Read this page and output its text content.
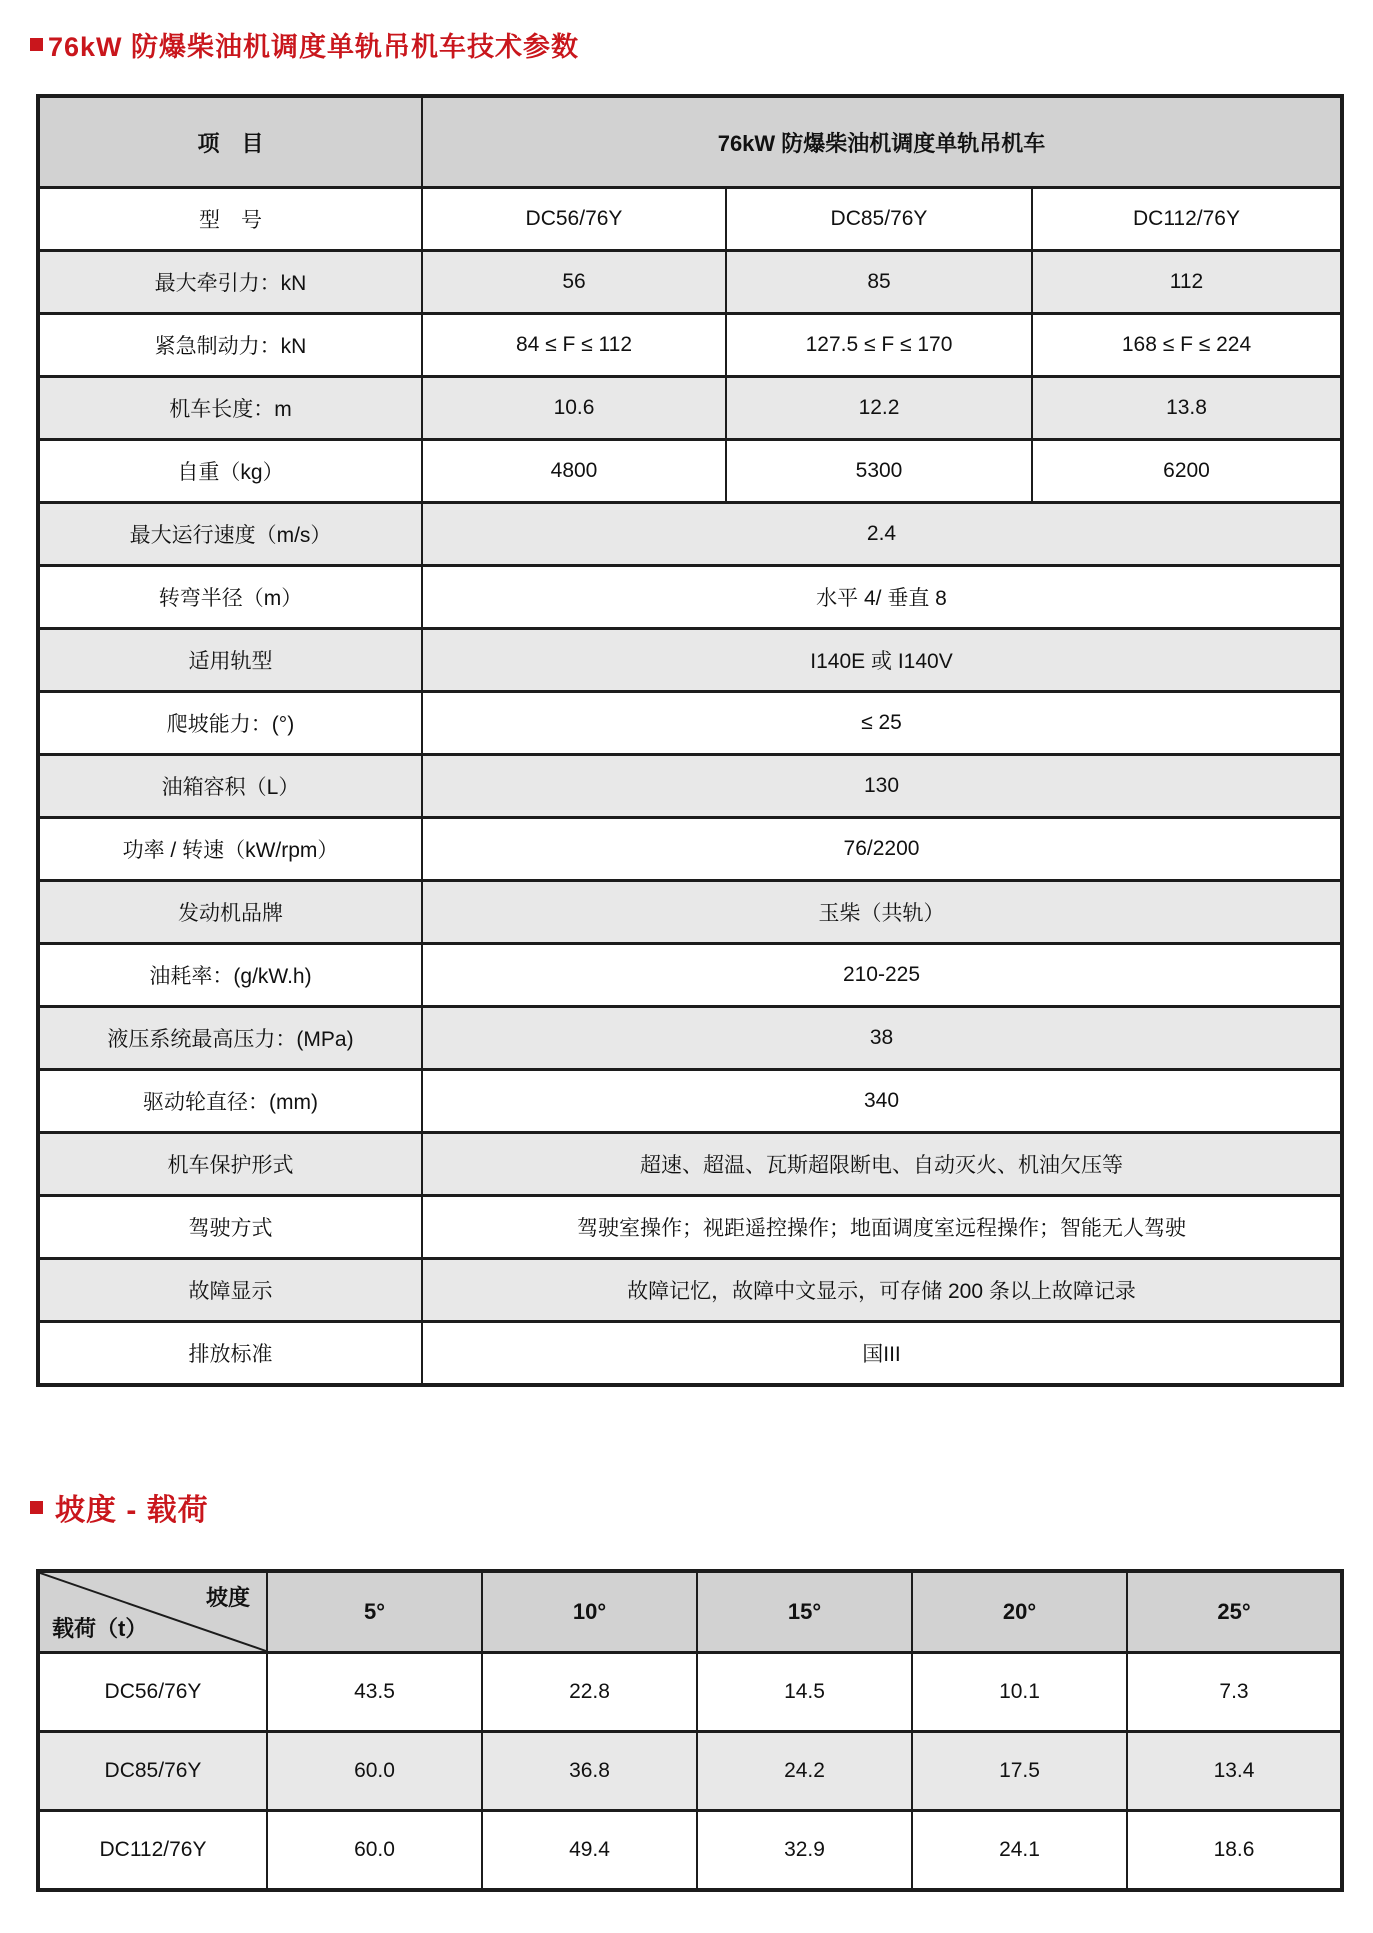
76kW 防爆柴油机调度单轨吊机车技术参数
项　目	76kW 防爆柴油机调度单轨吊机车		
型　号	DC56/76Y	DC85/76Y	DC112/76Y
最大牵引力：kN	56	85	112
紧急制动力：kN	84 ≤ F ≤ 112	127.5 ≤ F ≤ 170	168 ≤ F ≤ 224
机车长度：m	10.6	12.2	13.8
自重（kg）	4800	5300	6200
最大运行速度（m/s）	2.4		
转弯半径（m）	水平 4/ 垂直 8		
适用轨型	I140E 或 I140V		
爬坡能力：(°)	≤ 25		
油箱容积（L）	130		
功率 / 转速（kW/rpm）	76/2200		
发动机品牌	玉柴（共轨）		
油耗率：(g/kW.h)	210-225		
液压系统最高压力：(MPa)	38		
驱动轮直径：(mm)	340		
机车保护形式	超速、超温、瓦斯超限断电、自动灭火、机油欠压等		
驾驶方式	驾驶室操作；视距遥控操作；地面调度室远程操作；智能无人驾驶		
故障显示	故障记忆，故障中文显示，可存储 200 条以上故障记录		
排放标准	国III		
坡度 - 载荷
坡度
载荷（t）	5°	10°	15°	20°	25°
DC56/76Y	43.5	22.8	14.5	10.1	7.3
DC85/76Y	60.0	36.8	24.2	17.5	13.4
DC112/76Y	60.0	49.4	32.9	24.1	18.6
